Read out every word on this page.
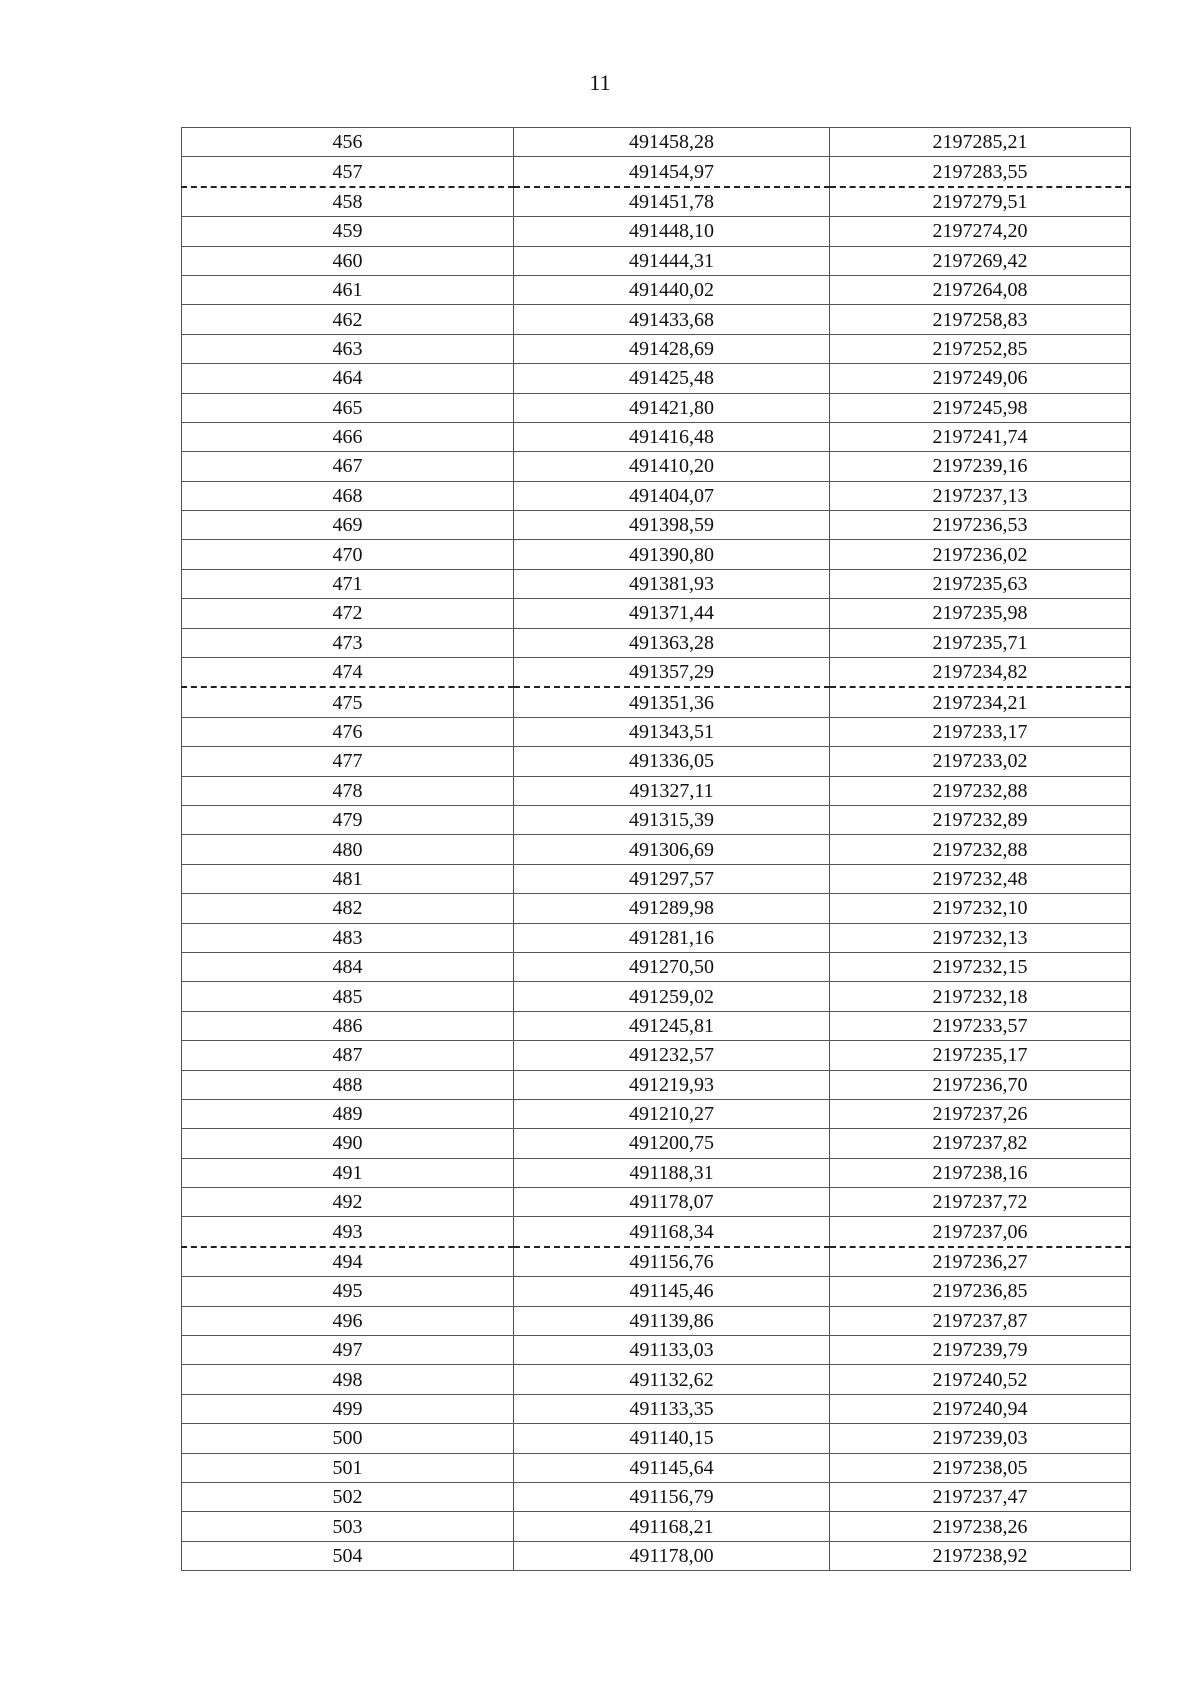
11
456	491458,28	2197285,21
457	491454,97	2197283,55
458	491451,78	2197279,51
459	491448,10	2197274,20
460	491444,31	2197269,42
461	491440,02	2197264,08
462	491433,68	2197258,83
463	491428,69	2197252,85
464	491425,48	2197249,06
465	491421,80	2197245,98
466	491416,48	2197241,74
467	491410,20	2197239,16
468	491404,07	2197237,13
469	491398,59	2197236,53
470	491390,80	2197236,02
471	491381,93	2197235,63
472	491371,44	2197235,98
473	491363,28	2197235,71
474	491357,29	2197234,82
475	491351,36	2197234,21
476	491343,51	2197233,17
477	491336,05	2197233,02
478	491327,11	2197232,88
479	491315,39	2197232,89
480	491306,69	2197232,88
481	491297,57	2197232,48
482	491289,98	2197232,10
483	491281,16	2197232,13
484	491270,50	2197232,15
485	491259,02	2197232,18
486	491245,81	2197233,57
487	491232,57	2197235,17
488	491219,93	2197236,70
489	491210,27	2197237,26
490	491200,75	2197237,82
491	491188,31	2197238,16
492	491178,07	2197237,72
493	491168,34	2197237,06
494	491156,76	2197236,27
495	491145,46	2197236,85
496	491139,86	2197237,87
497	491133,03	2197239,79
498	491132,62	2197240,52
499	491133,35	2197240,94
500	491140,15	2197239,03
501	491145,64	2197238,05
502	491156,79	2197237,47
503	491168,21	2197238,26
504	491178,00	2197238,92
